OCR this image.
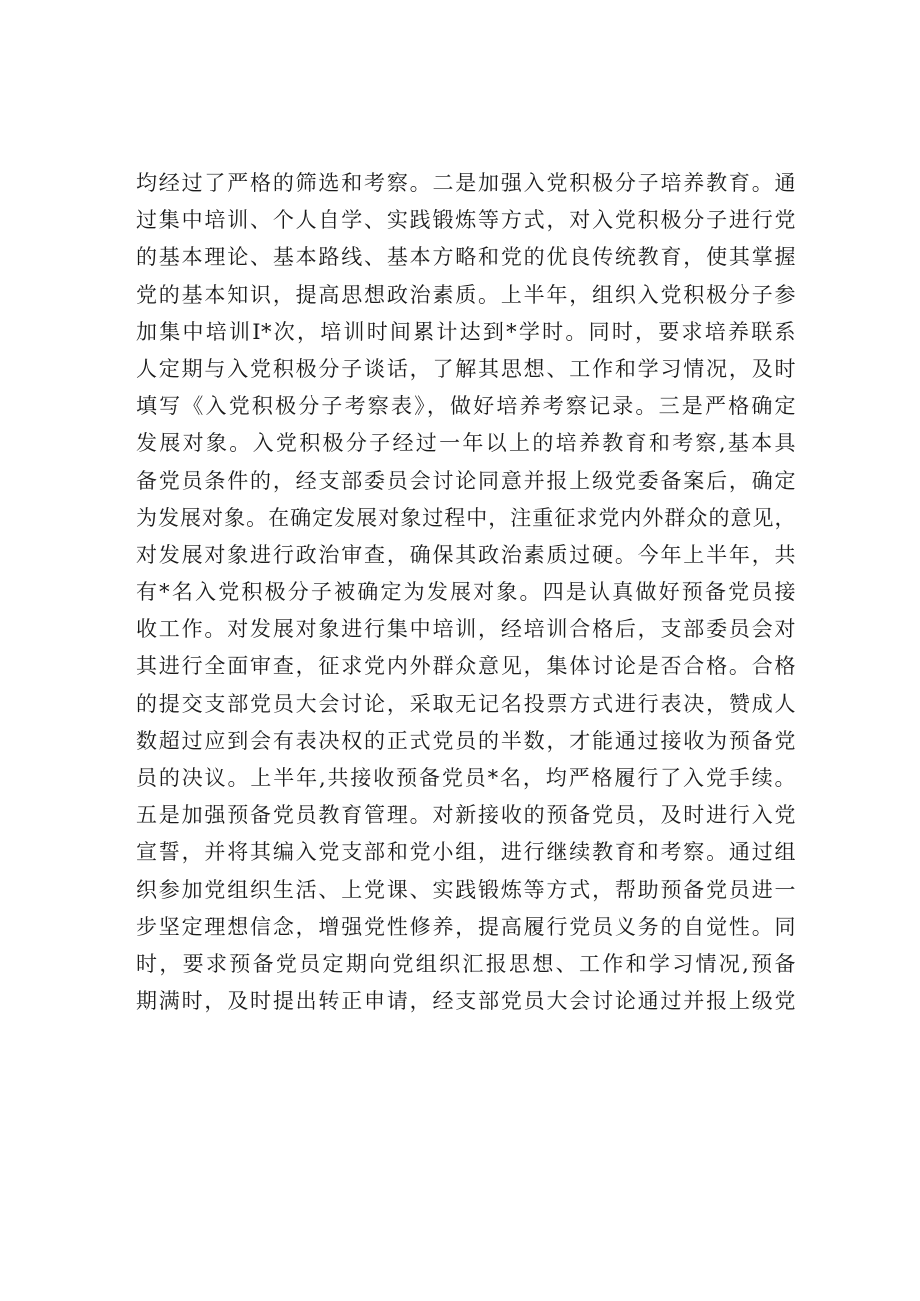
均经过了严格的筛选和考察。二是加强入党积极分子培养教育。通
过集中培训、个人自学、实践锻炼等方式，对入党积极分子进行党
的基本理论、基本路线、基本方略和党的优良传统教育，使其掌握
党的基本知识，提高思想政治素质。上半年，组织入党积极分子参
加集中培训I*次，培训时间累计达到*学时。同时，要求培养联系
人定期与入党积极分子谈话，了解其思想、工作和学习情况，及时
填写《入党积极分子考察表》，做好培养考察记录。三是严格确定
发展对象。入党积极分子经过一年以上的培养教育和考察,基本具
备党员条件的，经支部委员会讨论同意并报上级党委备案后，确定
为发展对象。在确定发展对象过程中，注重征求党内外群众的意见，
对发展对象进行政治审查，确保其政治素质过硬。今年上半年，共
有*名入党积极分子被确定为发展对象。四是认真做好预备党员接
收工作。对发展对象进行集中培训，经培训合格后，支部委员会对
其进行全面审查，征求党内外群众意见，集体讨论是否合格。合格
的提交支部党员大会讨论，采取无记名投票方式进行表决，赞成人
数超过应到会有表决权的正式党员的半数，才能通过接收为预备党
员的决议。上半年,共接收预备党员*名，均严格履行了入党手续。
五是加强预备党员教育管理。对新接收的预备党员，及时进行入党
宣誓，并将其编入党支部和党小组，进行继续教育和考察。通过组
织参加党组织生活、上党课、实践锻炼等方式，帮助预备党员进一
步坚定理想信念，增强党性修养，提高履行党员义务的自觉性。同
时，要求预备党员定期向党组织汇报思想、工作和学习情况,预备
期满时，及时提出转正申请，经支部党员大会讨论通过并报上级党
